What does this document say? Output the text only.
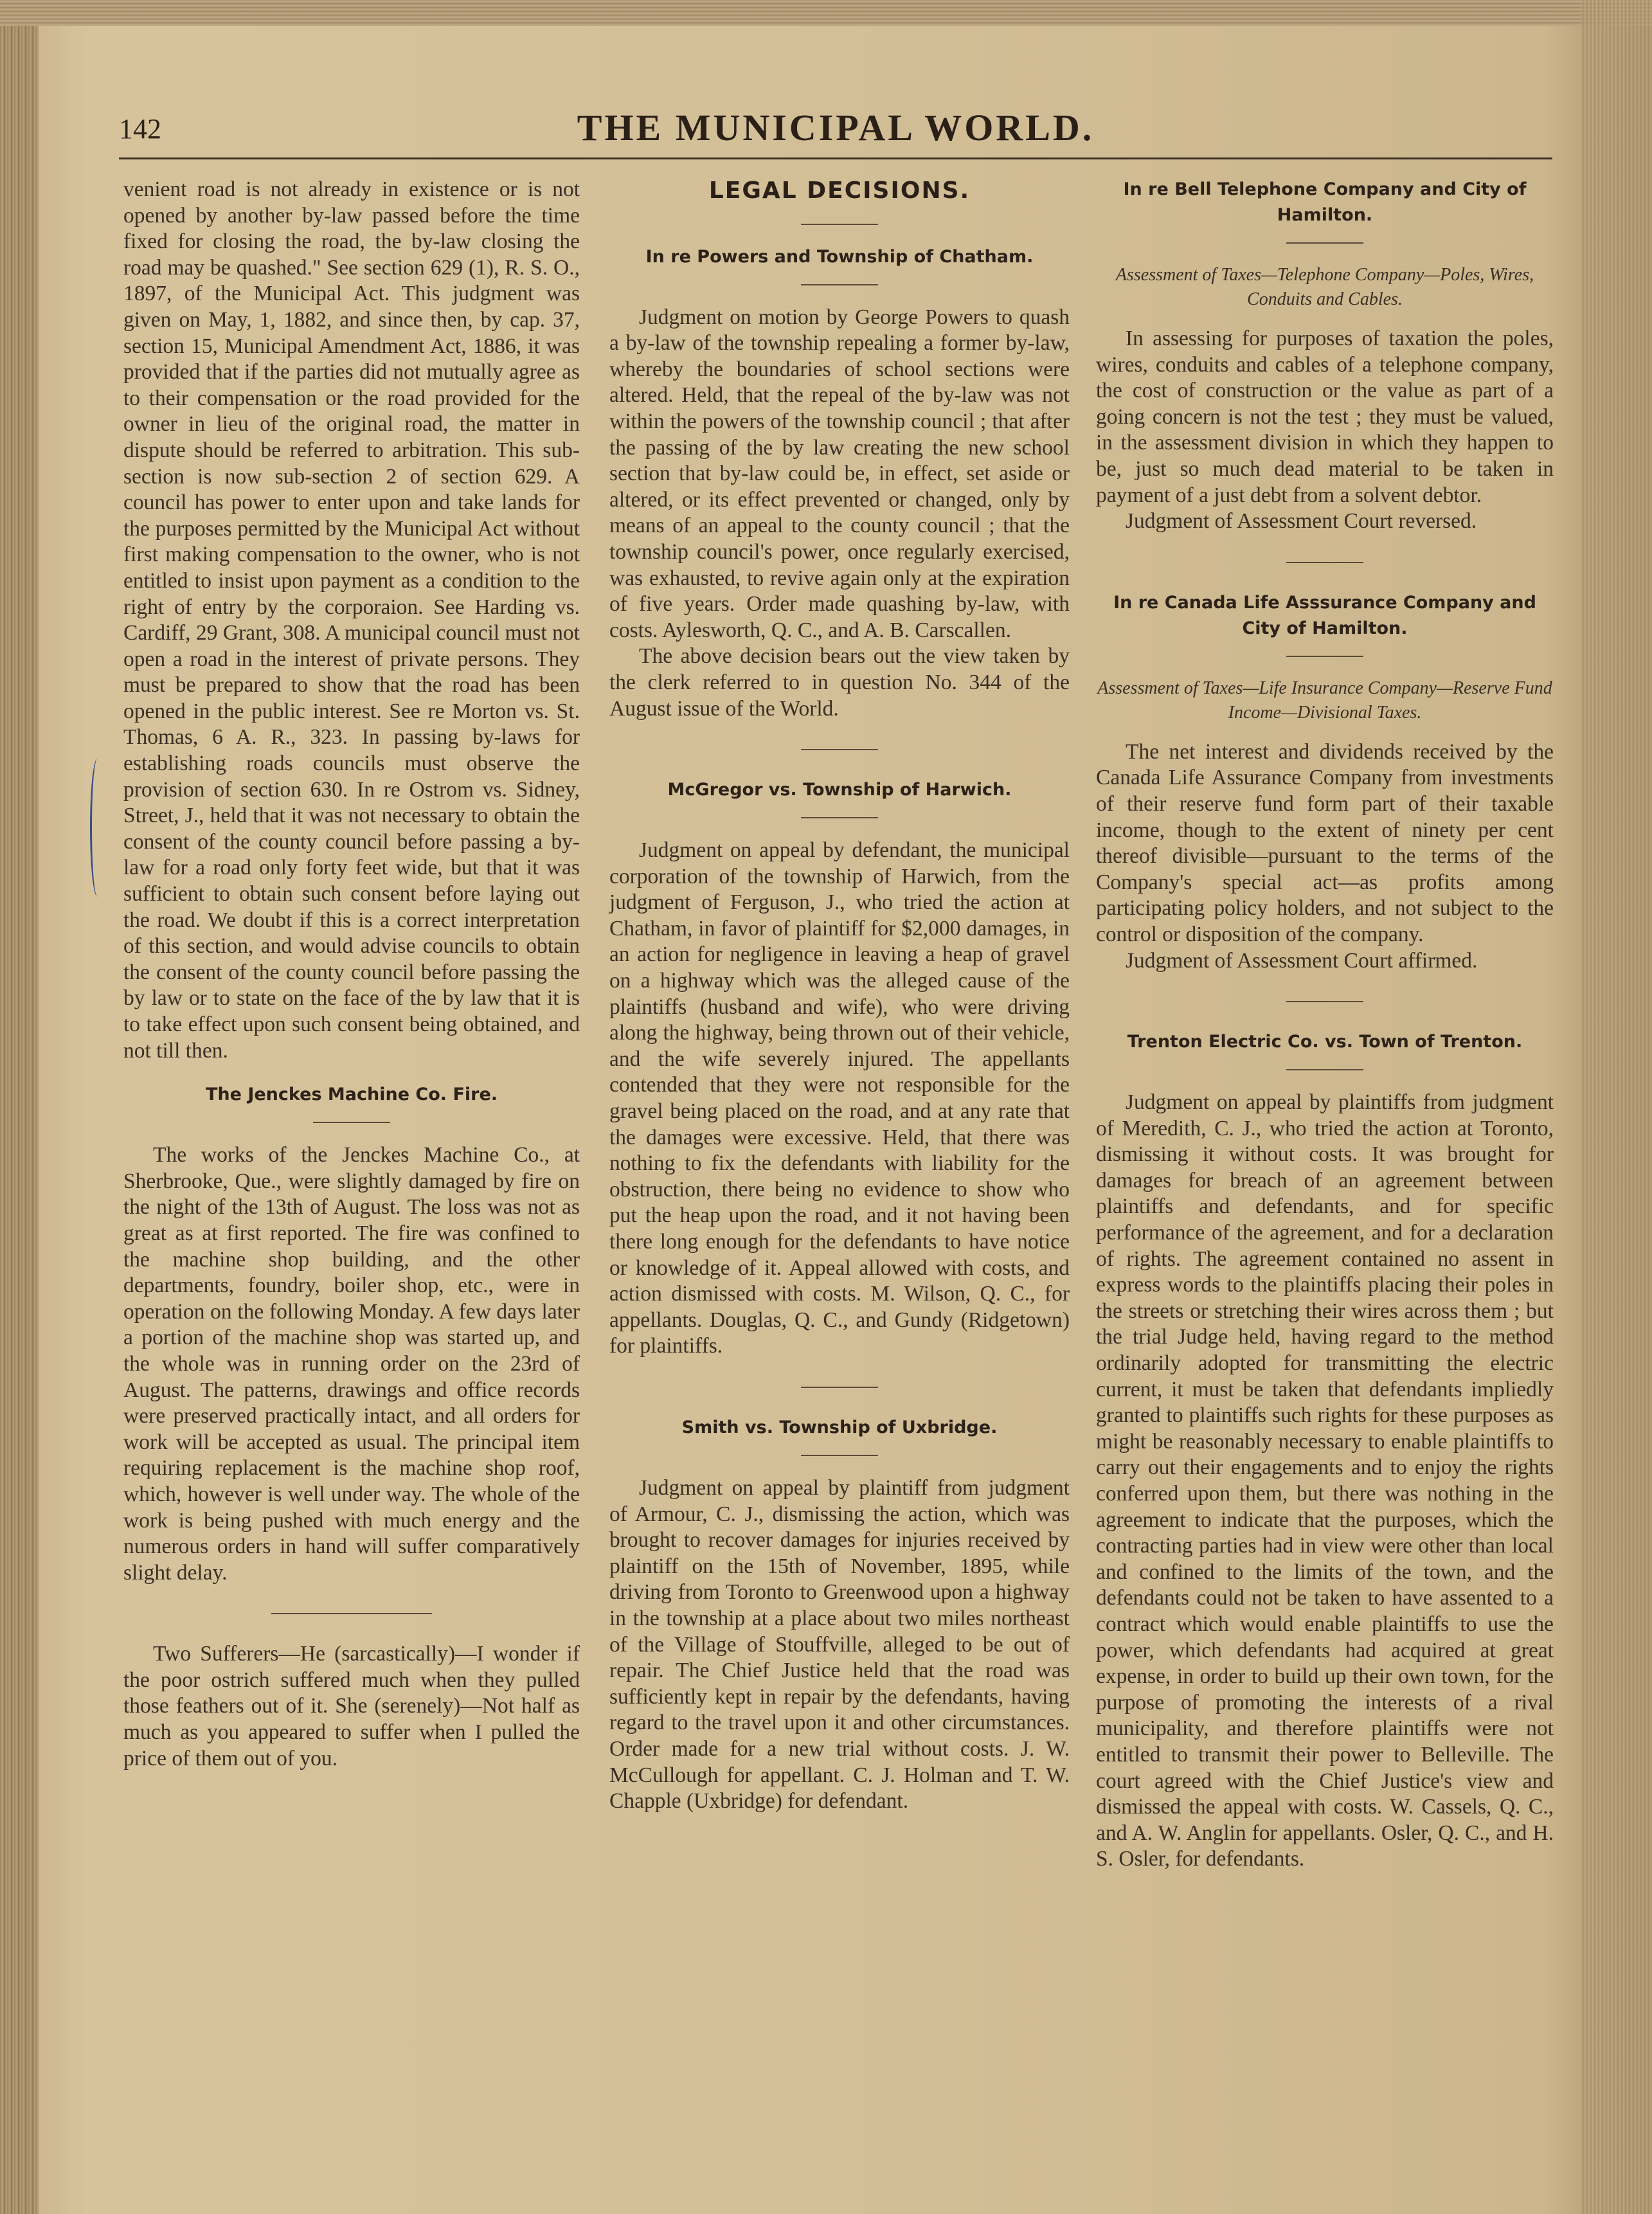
142	THE MUNICIPAL WORLD.

venient road is not already in existence or is not opened by another by-law passed before the time fixed for closing the road, the by-law closing the road may be quashed." See section 629 (1), R. S. O., 1897, of the Municipal Act. This judgment was given on May, 1, 1882, and since then, by cap. 37, section 15, Municipal Amendment Act, 1886, it was provided that if the parties did not mutually agree as to their compensation or the road provided for the owner in lieu of the original road, the matter in dispute should be referred to arbitration. This sub-section is now sub-section 2 of section 629. A council has power to enter upon and take lands for the purposes permitted by the Municipal Act without first making compensation to the owner, who is not entitled to insist upon payment as a condition to the right of entry by the corporaion. See Harding vs. Cardiff, 29 Grant, 308. A municipal council must not open a road in the interest of private persons. They must be prepared to show that the road has been opened in the public interest. See re Morton vs. St. Thomas, 6 A. R., 323. In passing by-laws for establishing roads councils must observe the provision of section 630. In re Ostrom vs. Sidney, Street, J., held that it was not necessary to obtain the consent of the county council before passing a by-law for a road only forty feet wide, but that it was sufficient to obtain such consent before laying out the road. We doubt if this is a correct interpretation of this section, and would advise councils to obtain the consent of the county council before passing the by law or to state on the face of the by law that it is to take effect upon such consent being obtained, and not till then.

The Jenckes Machine Co. Fire.

The works of the Jenckes Machine Co., at Sherbrooke, Que., were slightly damaged by fire on the night of the 13th of August. The loss was not as great as at first reported. The fire was confined to the machine shop building, and the other departments, foundry, boiler shop, etc., were in operation on the following Monday. A few days later a portion of the machine shop was started up, and the whole was in running order on the 23rd of August. The patterns, drawings and office records were preserved practically intact, and all orders for work will be accepted as usual. The principal item requiring replacement is the machine shop roof, which, however is well under way. The whole of the work is being pushed with much energy and the numerous orders in hand will suffer comparatively slight delay.

Two Sufferers—He (sarcastically)—I wonder if the poor ostrich suffered much when they pulled those feathers out of it. She (serenely)—Not half as much as you appeared to suffer when I pulled the price of them out of you.

LEGAL DECISIONS.
In re Powers and Township of Chatham.

Judgment on motion by George Powers to quash a by-law of the township repealing a former by-law, whereby the boundaries of school sections were altered. Held, that the repeal of the by-law was not within the powers of the township council ; that after the passing of the by law creating the new school section that by-law could be, in effect, set aside or altered, or its effect prevented or changed, only by means of an appeal to the county council ; that the township council's power, once regularly exercised, was exhausted, to revive again only at the expiration of five years. Order made quashing by-law, with costs. Aylesworth, Q. C., and A. B. Carscallen.

The above decision bears out the view taken by the clerk referred to in question No. 344 of the August issue of the World.

McGregor vs. Township of Harwich.

Judgment on appeal by defendant, the municipal corporation of the township of Harwich, from the judgment of Ferguson, J., who tried the action at Chatham, in favor of plaintiff for $2,000 damages, in an action for negligence in leaving a heap of gravel on a highway which was the alleged cause of the plaintiffs (husband and wife), who were driving along the highway, being thrown out of their vehicle, and the wife severely injured. The appellants contended that they were not responsible for the gravel being placed on the road, and at any rate that the damages were excessive. Held, that there was nothing to fix the defendants with liability for the obstruction, there being no evidence to show who put the heap upon the road, and it not having been there long enough for the defendants to have notice or knowledge of it. Appeal allowed with costs, and action dismissed with costs. M. Wilson, Q. C., for appellants. Douglas, Q. C., and Gundy (Ridgetown) for plaintiffs.

Smith vs. Township of Uxbridge.

Judgment on appeal by plaintiff from judgment of Armour, C. J., dismissing the action, which was brought to recover damages for injuries received by plaintiff on the 15th of November, 1895, while driving from Toronto to Greenwood upon a highway in the township at a place about two miles northeast of the Village of Stouffville, alleged to be out of repair. The Chief Justice held that the road was sufficiently kept in repair by the defendants, having regard to the travel upon it and other circumstances. Order made for a new trial without costs. J. W. McCullough for appellant. C. J. Holman and T. W. Chapple (Uxbridge) for defendant.

In re Bell Telephone Company and City of Hamilton.
Assessment of Taxes—Telephone Company—Poles, Wires, Conduits and Cables.

In assessing for purposes of taxation the poles, wires, conduits and cables of a telephone company, the cost of construction or the value as part of a going concern is not the test ; they must be valued, in the assessment division in which they happen to be, just so much dead material to be taken in payment of a just debt from a solvent debtor.

Judgment of Assessment Court reversed.

In re Canada Life Asssurance Company and City of Hamilton.
Assessment of Taxes—Life Insurance Company—Reserve Fund Income—Divisional Taxes.

The net interest and dividends received by the Canada Life Assurance Company from investments of their reserve fund form part of their taxable income, though to the extent of ninety per cent thereof divisible—pursuant to the terms of the Company's special act—as profits among participating policy holders, and not subject to the control or disposition of the company.

Judgment of Assessment Court affirmed.

Trenton Electric Co. vs. Town of Trenton.

Judgment on appeal by plaintiffs from judgment of Meredith, C. J., who tried the action at Toronto, dismissing it without costs. It was brought for damages for breach of an agreement between plaintiffs and defendants, and for specific performance of the agreement, and for a declaration of rights. The agreement contained no assent in express words to the plaintiffs placing their poles in the streets or stretching their wires across them ; but the trial Judge held, having regard to the method ordinarily adopted for transmitting the electric current, it must be taken that defendants impliedly granted to plaintiffs such rights for these purposes as might be reasonably necessary to enable plaintiffs to carry out their engagements and to enjoy the rights conferred upon them, but there was nothing in the agreement to indicate that the purposes, which the contracting parties had in view were other than local and confined to the limits of the town, and the defendants could not be taken to have assented to a contract which would enable plaintiffs to use the power, which defendants had acquired at great expense, in order to build up their own town, for the purpose of promoting the interests of a rival municipality, and therefore plaintiffs were not entitled to transmit their power to Belleville. The court agreed with the Chief Justice's view and dismissed the appeal with costs. W. Cassels, Q. C., and A. W. Anglin for appellants. Osler, Q. C., and H. S. Osler, for defendants.
